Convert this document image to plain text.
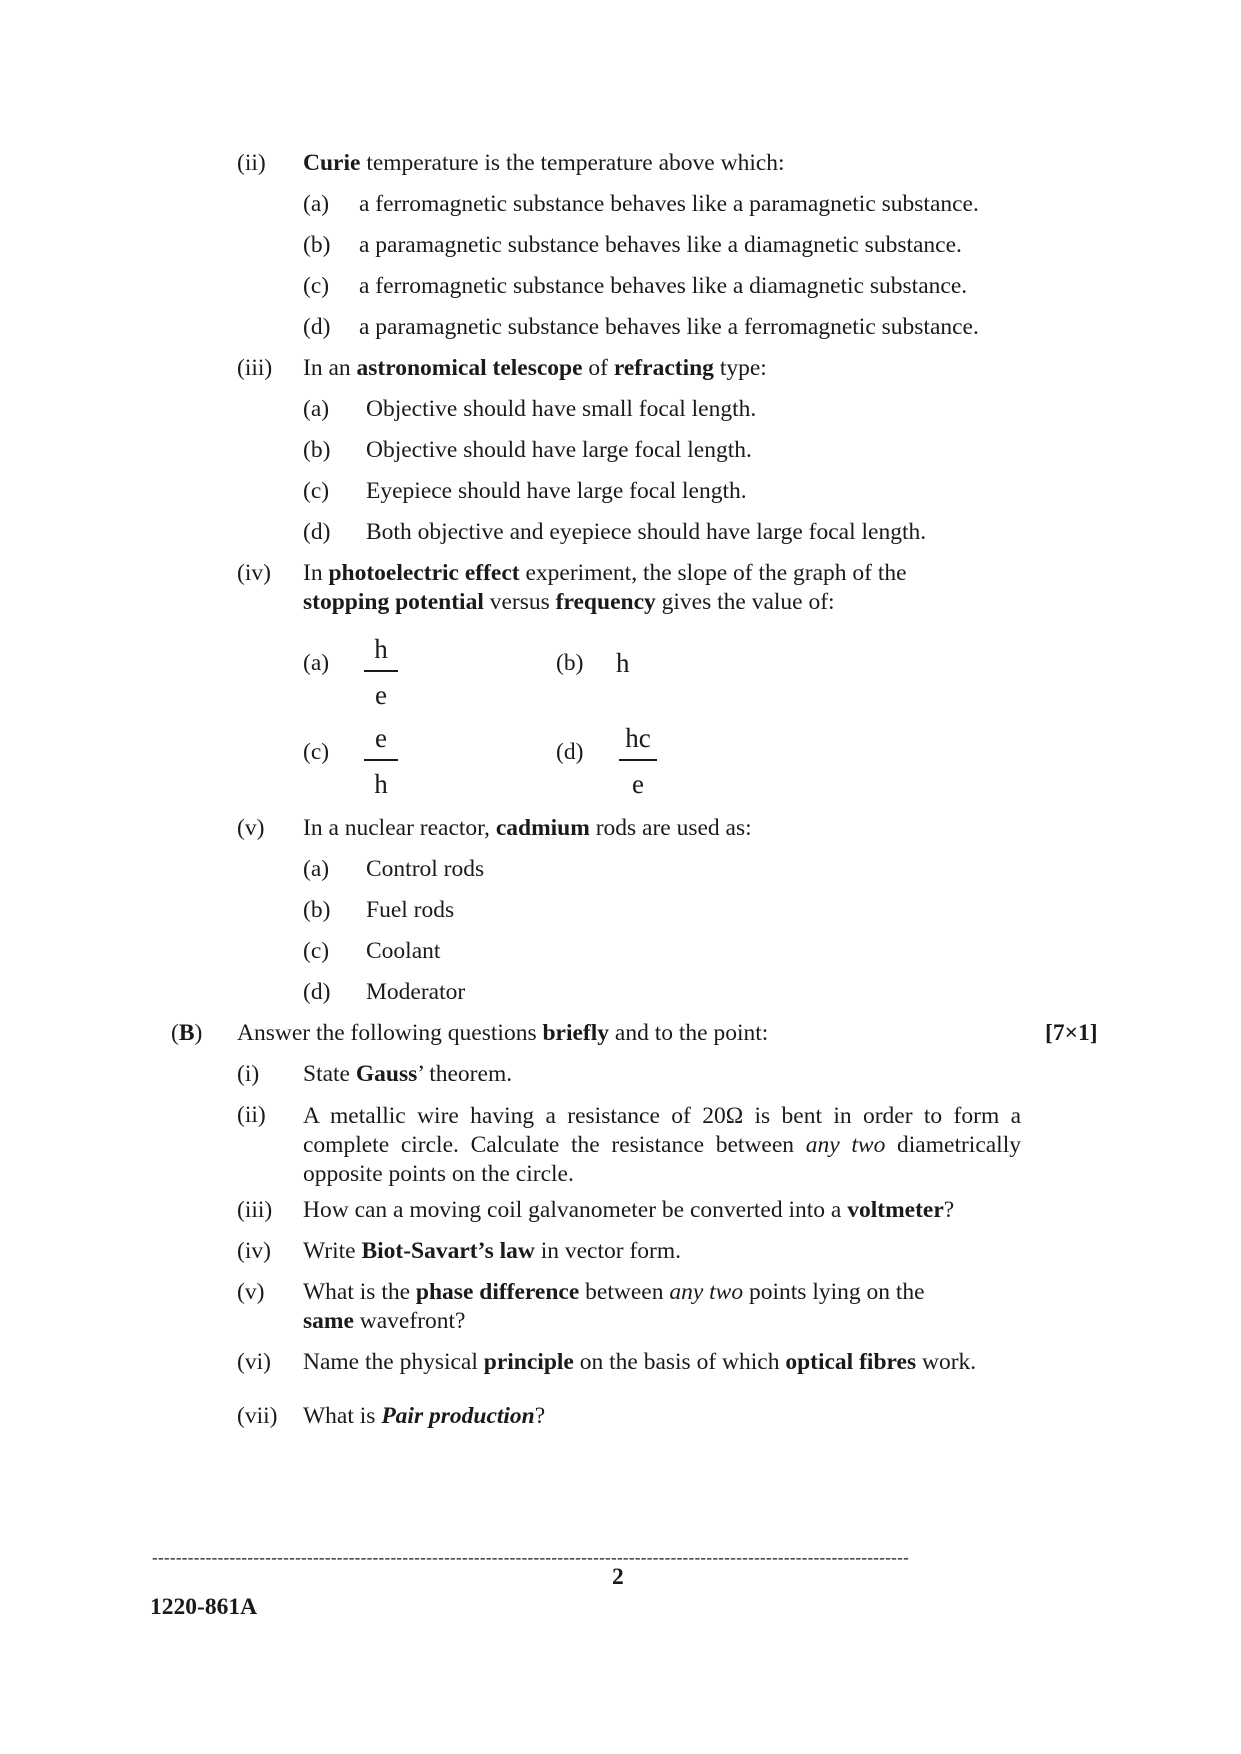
(ii) Curie temperature is the temperature above which:
(a) a ferromagnetic substance behaves like a paramagnetic substance.
(b) a paramagnetic substance behaves like a diamagnetic substance.
(c) a ferromagnetic substance behaves like a diamagnetic substance.
(d) a paramagnetic substance behaves like a ferromagnetic substance.
(iii) In an astronomical telescope of refracting type:
(a) Objective should have small focal length.
(b) Objective should have large focal length.
(c) Eyepiece should have large focal length.
(d) Both objective and eyepiece should have large focal length.
(iv) In photoelectric effect experiment, the slope of the graph of the
stopping potential versus frequency gives the value of:
(a)	h
e
(b) h
(c)	e
h
(d) hc
e
(v) In a nuclear reactor, cadmium rods are used as:
(a) Control rods
(b) Fuel rods
(c) Coolant
(d) Moderator
(B) Answer the following questions briefly and to the point:	[7×1]
(i) State Gauss’ theorem.
(ii) A metallic wire having a resistance of 20Ω is bent in order to form a complete circle. Calculate the resistance between any two diametrically opposite points on the circle.
(iii) How can a moving coil galvanometer be converted into a voltmeter?
(iv) Write Biot-Savart’s law in vector form.
(v) What is the phase difference between any two points lying on the
same wavefront?
(vi) Name the physical principle on the basis of which optical fibres work.
(vii) What is Pair production?
-------------------------------------------------------------------------------------------------------------------------------
2
1220-861A
